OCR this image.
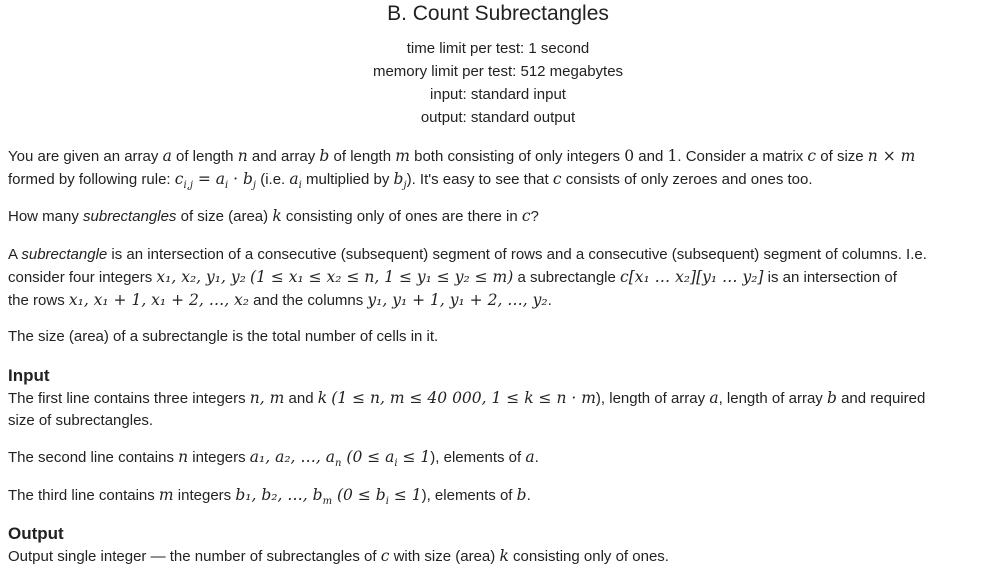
B. Count Subrectangles
time limit per test: 1 second
memory limit per test: 512 megabytes
input: standard input
output: standard output
You are given an array a of length n and array b of length m both consisting of only integers 0 and 1. Consider a matrix c of size n × m
formed by following rule: $c_{i,j} = a_i \cdot b_j$ (i.e. $a_i$ multiplied by $b_j$). It's easy to see that c consists of only zeroes and ones too.
How many subrectangles of size (area) k consisting only of ones are there in c?
A subrectangle is an intersection of a consecutive (subsequent) segment of rows and a consecutive (subsequent) segment of columns. I.e.
consider four integers x₁, x₂, y₁, y₂ (1 ≤ x₁ ≤ x₂ ≤ n, 1 ≤ y₁ ≤ y₂ ≤ m) a subrectangle c[x₁ … x₂][y₁ … y₂] is an intersection of
the rows x₁, x₁ + 1, x₁ + 2, …, x₂ and the columns y₁, y₁ + 1, y₁ + 2, …, y₂.
The size (area) of a subrectangle is the total number of cells in it.
Input
The first line contains three integers n, m and k (1 ≤ n, m ≤ 40 000, 1 ≤ k ≤ n · m), length of array a, length of array b and required
size of subrectangles.
The second line contains n integers a₁, a₂, …, $a_n$ $(0 \le a_i \le 1)$, elements of a.
The third line contains m integers b₁, b₂, …, $b_m$ $(0 \le b_i \le 1)$, elements of b.
Output
Output single integer — the number of subrectangles of c with size (area) k consisting only of ones.
